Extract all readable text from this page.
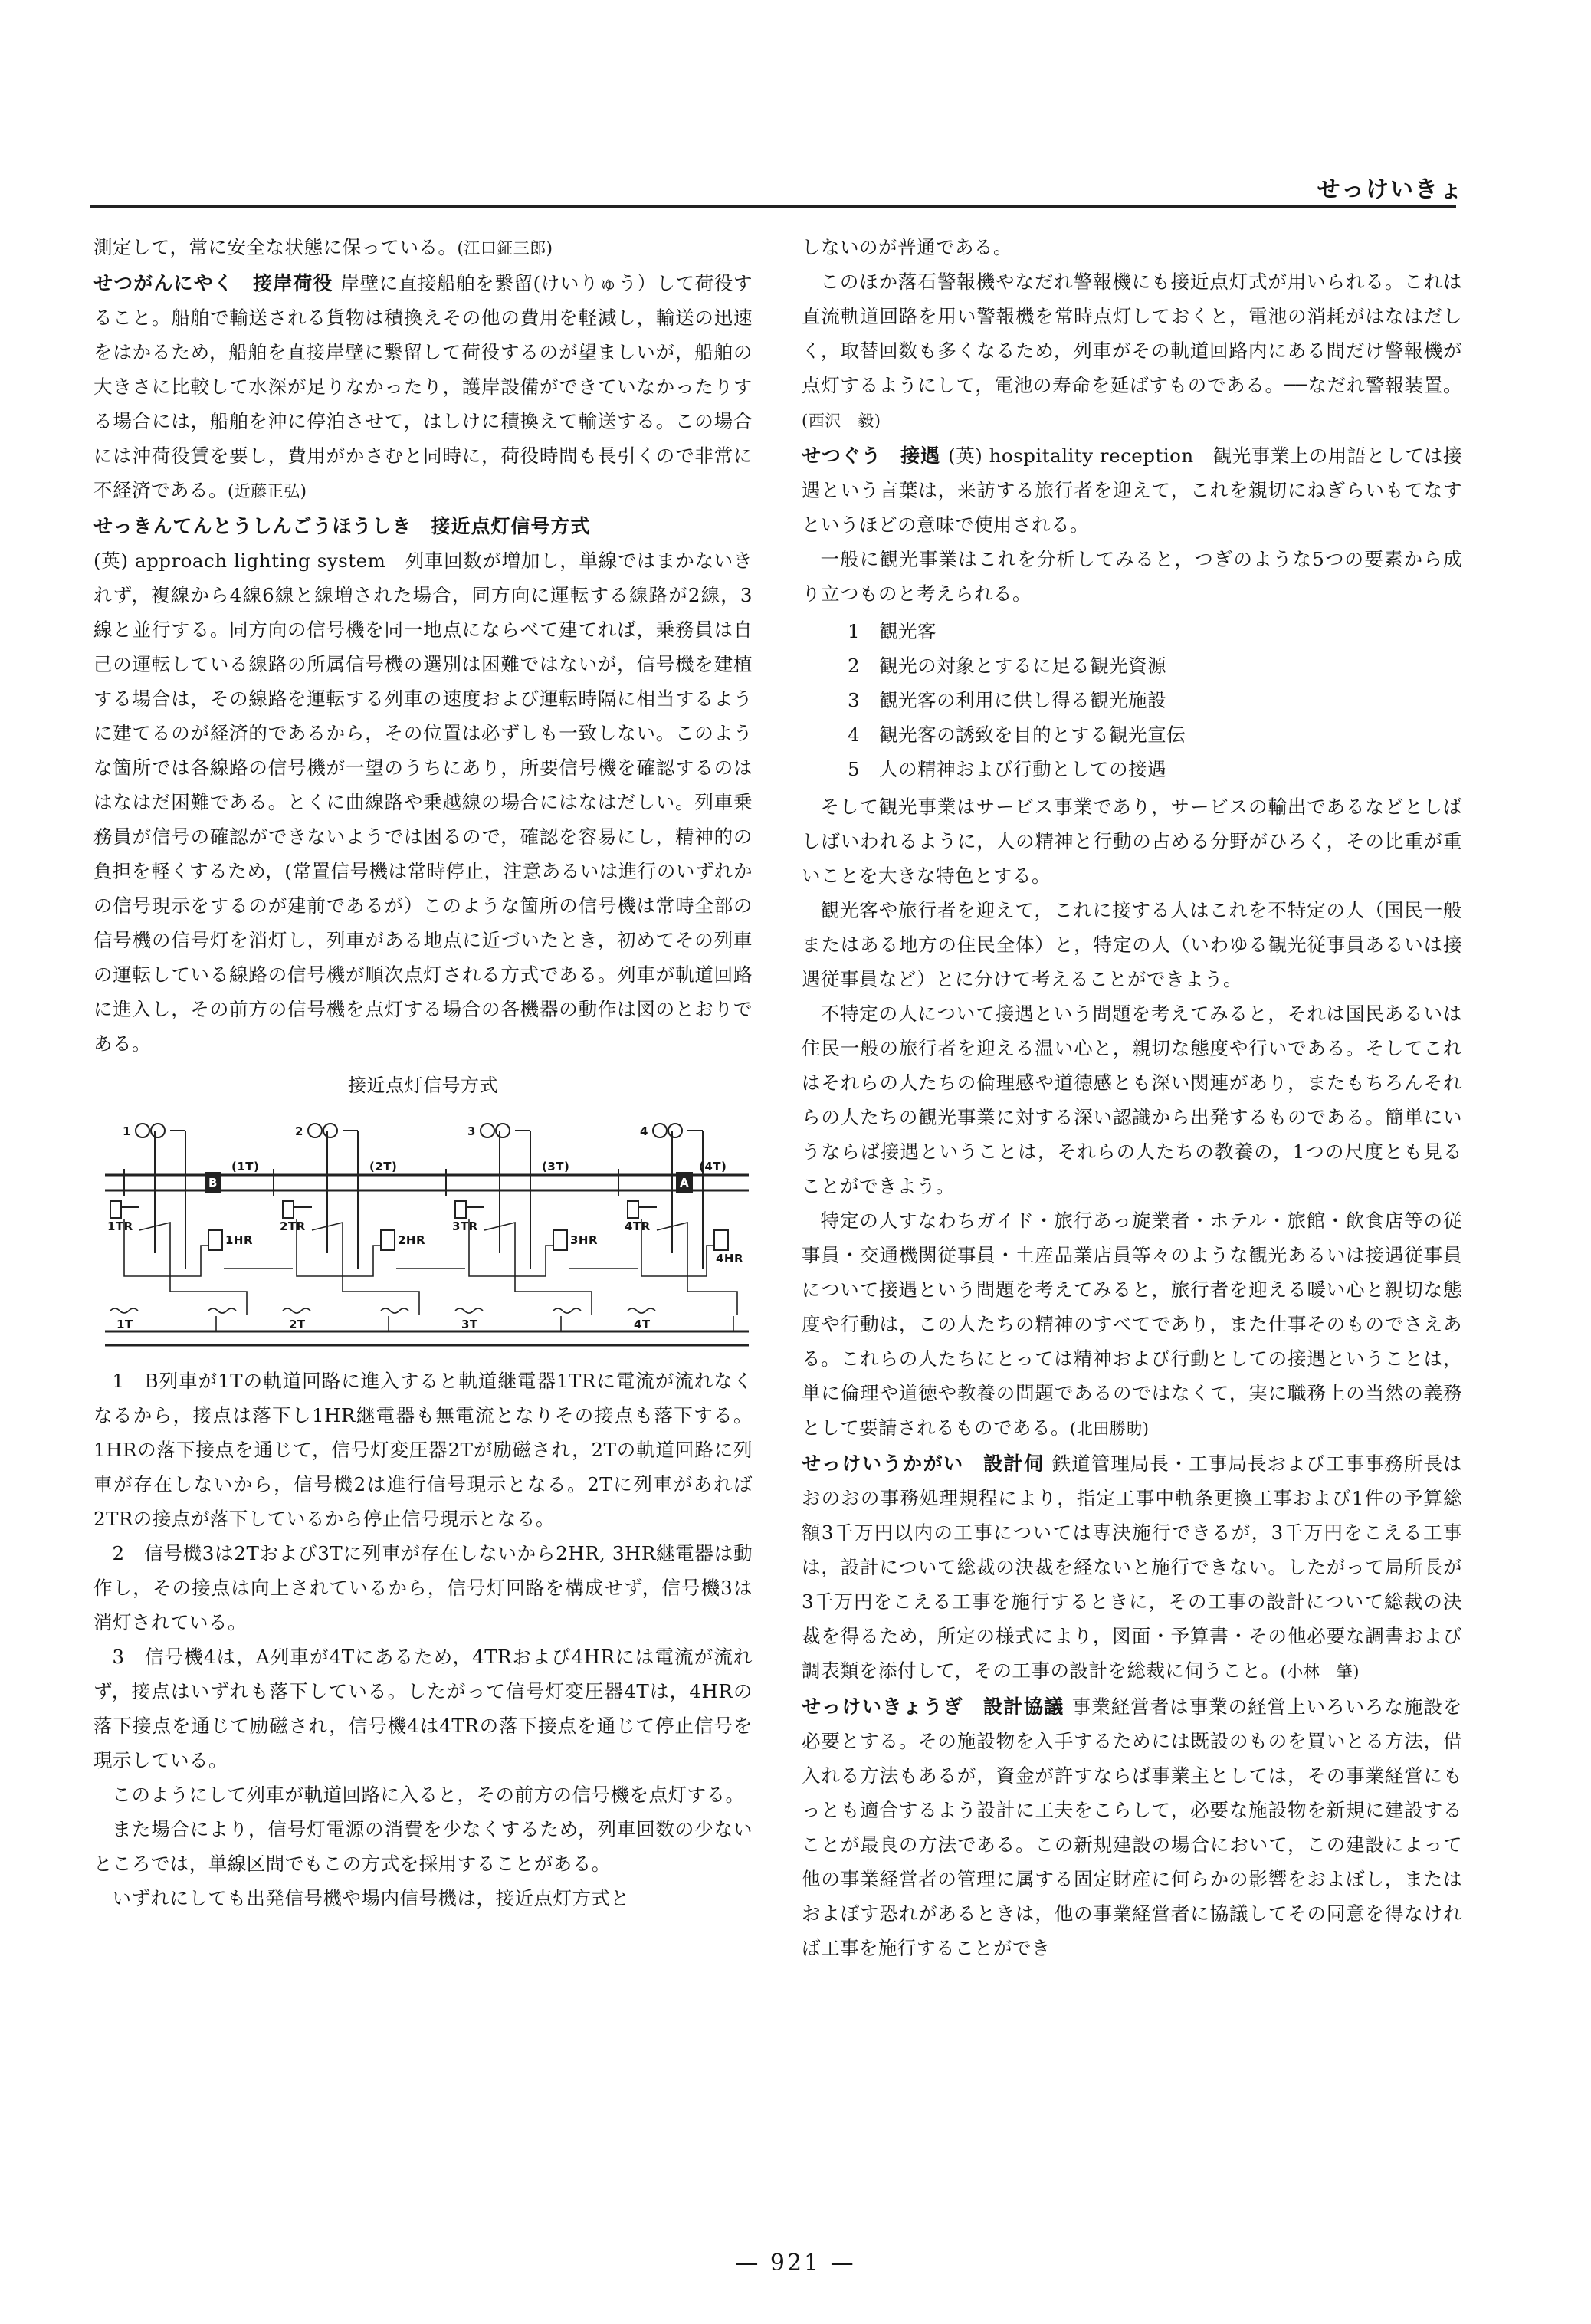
せっけいきょ

測定して，常に安全な状態に保っている。(江口鉦三郎)

せつがんにやく　 接岸荷役 岸壁に直接船舶を繋留(けいりゅう）して荷役すること。船舶で輸送される貨物は積換えその他の費用を軽減し，輸送の迅速をはかるため，船舶を直接岸壁に繋留して荷役するのが望ましいが，船舶の大きさに比較して水深が足りなかったり，護岸設備ができていなかったりする場合には，船舶を沖に停泊させて，はしけに積換えて輸送する。この場合には沖荷役賃を要し，費用がかさむと同時に，荷役時間も長引くので非常に不経済である。(近藤正弘)

せっきんてんとうしんごうほうしき　 接近点灯信号方式
(英) approach lighting system　列車回数が増加し，単線ではまかないきれず，複線から4線6線と線増された場合，同方向に運転する線路が2線，3線と並行する。同方向の信号機を同一地点にならべて建てれば，乗務員は自己の運転している線路の所属信号機の選別は困難ではないが，信号機を建植する場合は，その線路を運転する列車の速度および運転時隔に相当するように建てるのが経済的であるから，その位置は必ずしも一致しない。このような箇所では各線路の信号機が一望のうちにあり，所要信号機を確認するのははなはだ困難である。とくに曲線路や乗越線の場合にはなはだしい。列車乗務員が信号の確認ができないようでは困るので，確認を容易にし，精神的の負担を軽くするため，(常置信号機は常時停止，注意あるいは進行のいずれかの信号現示をするのが建前であるが）このような箇所の信号機は常時全部の信号機の信号灯を消灯し，列車がある地点に近づいたとき，初めてその列車の運転している線路の信号機が順次点灯される方式である。列車が軌道回路に進入し，その前方の信号機を点灯する場合の各機器の動作は図のとおりである。

接近点灯信号方式
1	2	3	4
B	A
(1T)	(2T)	(3T)	(4T)
1TR	2TR	3TR	4TR
1HR	2HR	3HR
4HR
1T	2T	3T	4T

1　B列車が1Tの軌道回路に進入すると軌道継電器1TRに電流が流れなくなるから，接点は落下し1HR継電器も無電流となりその接点も落下する。1HRの落下接点を通じて，信号灯変圧器2Tが励磁され，2Tの軌道回路に列車が存在しないから，信号機2は進行信号現示となる。2Tに列車があれば2TRの接点が落下しているから停止信号現示となる。

2　信号機3は2Tおよび3Tに列車が存在しないから2HR, 3HR継電器は動作し，その接点は向上されているから，信号灯回路を構成せず，信号機3は消灯されている。

3　信号機4は，A列車が4Tにあるため，4TRおよび4HRには電流が流れず，接点はいずれも落下している。したがって信号灯変圧器4Tは，4HRの落下接点を通じて励磁され，信号機4は4TRの落下接点を通じて停止信号を現示している。

このようにして列車が軌道回路に入ると，その前方の信号機を点灯する。

また場合により，信号灯電源の消費を少なくするため，列車回数の少ないところでは，単線区間でもこの方式を採用することがある。

いずれにしても出発信号機や場内信号機は，接近点灯方式と

しないのが普通である。

このほか落石警報機やなだれ警報機にも接近点灯式が用いられる。これは直流軌道回路を用い警報機を常時点灯しておくと，電池の消耗がはなはだしく，取替回数も多くなるため，列車がその軌道回路内にある間だけ警報機が点灯するようにして，電池の寿命を延ばすものである。──なだれ警報装置。(西沢　毅)

せつぐう　 接遇 (英) hospitality reception　観光事業上の用語としては接遇という言葉は，来訪する旅行者を迎えて，これを親切にねぎらいもてなすというほどの意味で使用される。

一般に観光事業はこれを分析してみると，つぎのような5つの要素から成り立つものと考えられる。

1　 観光客
2　 観光の対象とするに足る観光資源
3　 観光客の利用に供し得る観光施設
4　 観光客の誘致を目的とする観光宣伝
5　 人の精神および行動としての接遇

そして観光事業はサービス事業であり，サービスの輸出であるなどとしばしばいわれるように，人の精神と行動の占める分野がひろく，その比重が重いことを大きな特色とする。

観光客や旅行者を迎えて，これに接する人はこれを不特定の人（国民一般またはある地方の住民全体）と，特定の人（いわゆる観光従事員あるいは接遇従事員など）とに分けて考えることができよう。

不特定の人について接遇という問題を考えてみると，それは国民あるいは住民一般の旅行者を迎える温い心と，親切な態度や行いである。そしてこれはそれらの人たちの倫理感や道徳感とも深い関連があり，またもちろんそれらの人たちの観光事業に対する深い認識から出発するものである。簡単にいうならば接遇ということは，それらの人たちの教養の，1つの尺度とも見ることができよう。

特定の人すなわちガイド・旅行あっ旋業者・ホテル・旅館・飲食店等の従事員・交通機関従事員・土産品業店員等々のような観光あるいは接遇従事員について接遇という問題を考えてみると，旅行者を迎える暖い心と親切な態度や行動は，この人たちの精神のすべてであり，また仕事そのものでさえある。これらの人たちにとっては精神および行動としての接遇ということは，単に倫理や道徳や教養の問題であるのではなくて，実に職務上の当然の義務として要請されるものである。(北田勝助)

せっけいうかがい　 設計伺 鉄道管理局長・工事局長および工事事務所長はおのおの事務処理規程により，指定工事中軌条更換工事および1件の予算総額3千万円以内の工事については専決施行できるが，3千万円をこえる工事は，設計について総裁の決裁を経ないと施行できない。したがって局所長が3千万円をこえる工事を施行するときに，その工事の設計について総裁の決裁を得るため，所定の様式により，図面・予算書・その他必要な調書および調表類を添付して，その工事の設計を総裁に伺うこと。(小林　肇)

せっけいきょうぎ　 設計協議 事業経営者は事業の経営上いろいろな施設を必要とする。その施設物を入手するためには既設のものを買いとる方法，借入れる方法もあるが，資金が許すならば事業主としては，その事業経営にもっとも適合するよう設計に工夫をこらして，必要な施設物を新規に建設することが最良の方法である。この新規建設の場合において，この建設によって他の事業経営者の管理に属する固定財産に何らかの影響をおよぼし，またはおよぼす恐れがあるときは，他の事業経営者に協議してその同意を得なければ工事を施行することができ

— 921 —
